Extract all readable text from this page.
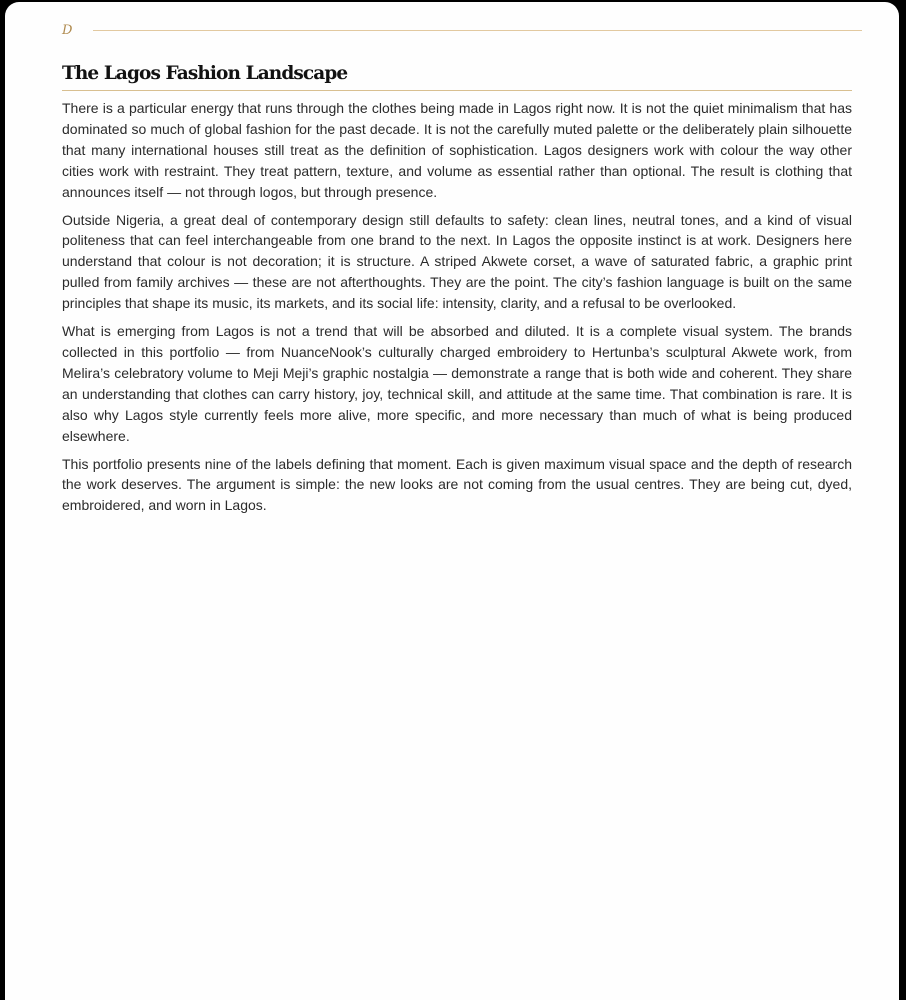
D
The Lagos Fashion Landscape

There is a particular energy that runs through the clothes being made in Lagos right now. It is not the quiet minimalism that has dominated so much of global fashion for the past decade. It is not the carefully muted palette or the deliberately plain silhouette that many international houses still treat as the definition of sophistication. Lagos designers work with colour the way other cities work with restraint. They treat pattern, texture, and volume as essential rather than optional. The result is clothing that announces itself — not through logos, but through presence.

Outside Nigeria, a great deal of contemporary design still defaults to safety: clean lines, neutral tones, and a kind of visual politeness that can feel interchangeable from one brand to the next. In Lagos the opposite instinct is at work. Designers here understand that colour is not decoration; it is structure. A striped Akwete corset, a wave of saturated fabric, a graphic print pulled from family archives — these are not afterthoughts. They are the point. The city’s fashion language is built on the same principles that shape its music, its markets, and its social life: intensity, clarity, and a refusal to be overlooked.

What is emerging from Lagos is not a trend that will be absorbed and diluted. It is a complete visual system. The brands collected in this portfolio — from NuanceNook’s culturally charged embroidery to Hertunba’s sculptural Akwete work, from Melira’s celebratory volume to Meji Meji’s graphic nostalgia — demonstrate a range that is both wide and coherent. They share an understanding that clothes can carry history, joy, technical skill, and attitude at the same time. That combination is rare. It is also why Lagos style currently feels more alive, more specific, and more necessary than much of what is being produced elsewhere.

This portfolio presents nine of the labels defining that moment. Each is given maximum visual space and the depth of research the work deserves. The argument is simple: the new looks are not coming from the usual centres. They are being cut, dyed, embroidered, and worn in Lagos.
